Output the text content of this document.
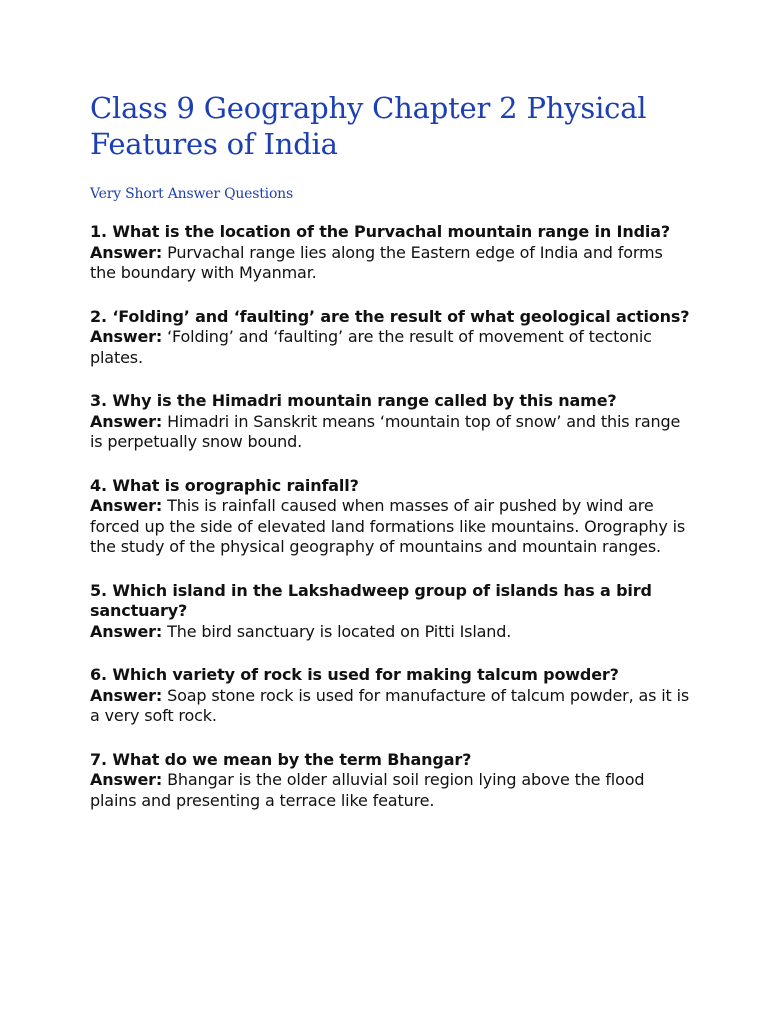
Class 9 Geography Chapter 2 Physical Features of India
Very Short Answer Questions

1. What is the location of the Purvachal mountain range in India?

Answer: Purvachal range lies along the Eastern edge of India and forms the boundary with Myanmar.

2. ‘Folding’ and ‘faulting’ are the result of what geological actions?

Answer: ‘Folding’ and ‘faulting’ are the result of movement of tectonic plates.

3. Why is the Himadri mountain range called by this name?

Answer: Himadri in Sanskrit means ‘mountain top of snow’ and this range is perpetually snow bound.

4. What is orographic rainfall?

Answer: This is rainfall caused when masses of air pushed by wind are forced up the side of elevated land formations like mountains. Orography is the study of the physical geography of mountains and mountain ranges.

5. Which island in the Lakshadweep group of islands has a bird sanctuary?

Answer: The bird sanctuary is located on Pitti Island.

6. Which variety of rock is used for making talcum powder?

Answer: Soap stone rock is used for manufacture of talcum powder, as it is a very soft rock.

7. What do we mean by the term Bhangar?

Answer: Bhangar is the older alluvial soil region lying above the flood plains and presenting a terrace like feature.
